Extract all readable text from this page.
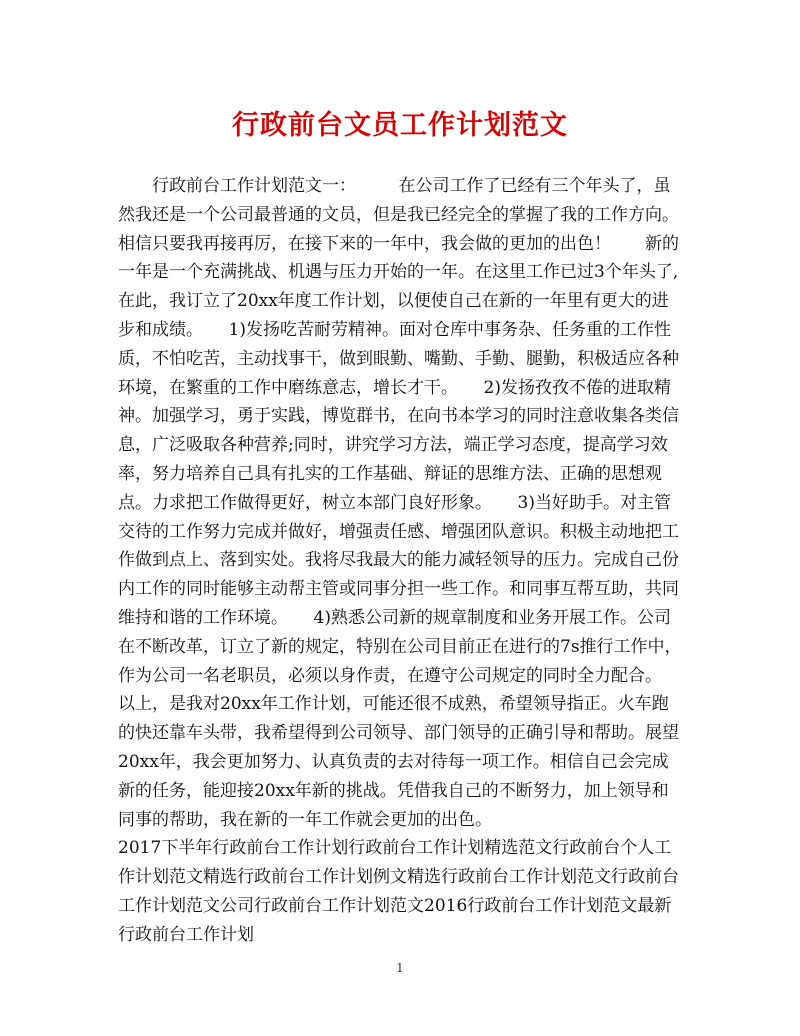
行政前台文员工作计划范文

行政前台工作计划范文一：　　　在公司工作了已经有三个年头了，虽然我还是一个公司最普通的文员，但是我已经完全的掌握了我的工作方向。相信只要我再接再厉，在接下来的一年中，我会做的更加的出色！　　新的一年是一个充满挑战、机遇与压力开始的一年。在这里工作已过3个年头了,在此，我订立了20xx年度工作计划，以便使自己在新的一年里有更大的进步和成绩。　　1)发扬吃苦耐劳精神。面对仓库中事务杂、任务重的工作性质，不怕吃苦，主动找事干，做到眼勤、嘴勤、手勤、腿勤，积极适应各种环境，在繁重的工作中磨练意志，增长才干。　　2)发扬孜孜不倦的进取精神。加强学习，勇于实践，博览群书，在向书本学习的同时注意收集各类信息，广泛吸取各种营养;同时，讲究学习方法，端正学习态度，提高学习效率，努力培养自己具有扎实的工作基础、辩证的思维方法、正确的思想观点。力求把工作做得更好，树立本部门良好形象。　　3)当好助手。对主管交待的工作努力完成并做好，增强责任感、增强团队意识。积极主动地把工作做到点上、落到实处。我将尽我最大的能力减轻领导的压力。完成自己份内工作的同时能够主动帮主管或同事分担一些工作。和同事互帮互助，共同维持和谐的工作环境。　　4)熟悉公司新的规章制度和业务开展工作。公司在不断改革，订立了新的规定，特别在公司目前正在进行的7s推行工作中，作为公司一名老职员，必须以身作责，在遵守公司规定的同时全力配合。　　以上，是我对20xx年工作计划，可能还很不成熟，希望领导指正。火车跑的快还靠车头带，我希望得到公司领导、部门领导的正确引导和帮助。展望20xx年，我会更加努力、认真负责的去对待每一项工作。相信自己会完成新的任务，能迎接20xx年新的挑战。凭借我自己的不断努力，加上领导和同事的帮助，我在新的一年工作就会更加的出色。

2017下半年行政前台工作计划行政前台工作计划精选范文行政前台个人工作计划范文精选行政前台工作计划例文精选行政前台工作计划范文行政前台工作计划范文公司行政前台工作计划范文2016行政前台工作计划范文最新行政前台工作计划

1
